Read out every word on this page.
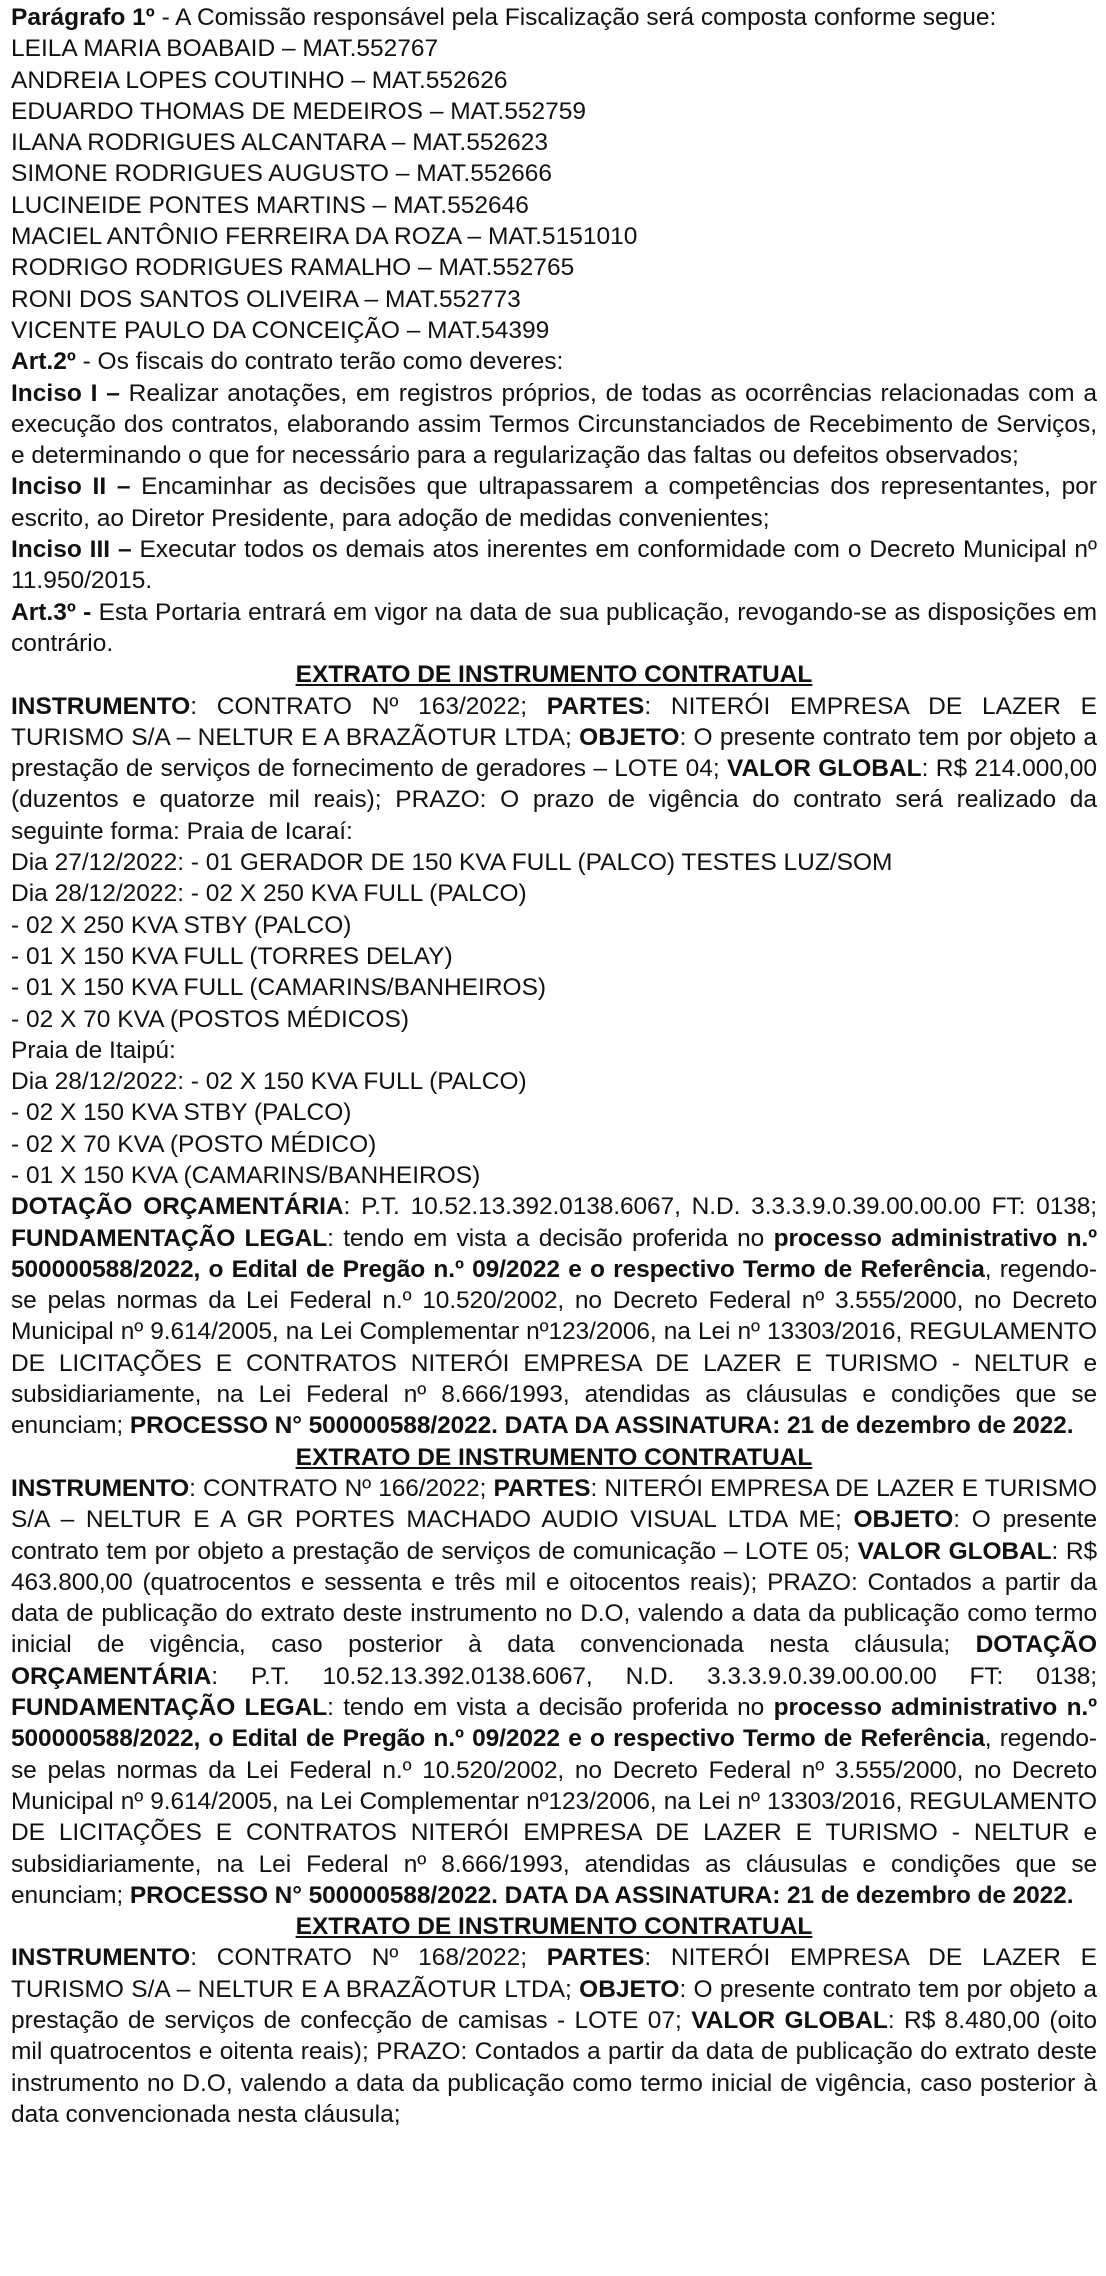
Parágrafo 1º - A Comissão responsável pela Fiscalização será composta conforme segue:

LEILA MARIA BOABAID – MAT.552767

ANDREIA LOPES COUTINHO – MAT.552626

EDUARDO THOMAS DE MEDEIROS – MAT.552759

ILANA RODRIGUES ALCANTARA – MAT.552623

SIMONE RODRIGUES AUGUSTO – MAT.552666

LUCINEIDE PONTES MARTINS – MAT.552646

MACIEL ANTÔNIO FERREIRA DA ROZA – MAT.5151010

RODRIGO RODRIGUES RAMALHO – MAT.552765

RONI DOS SANTOS OLIVEIRA – MAT.552773

VICENTE PAULO DA CONCEIÇÃO – MAT.54399

Art.2º - Os fiscais do contrato terão como deveres:

Inciso I – Realizar anotações, em registros próprios, de todas as ocorrências relacionadas com a execução dos contratos, elaborando assim Termos Circunstanciados de Recebimento de Serviços, e determinando o que for necessário para a regularização das faltas ou defeitos observados;

Inciso II – Encaminhar as decisões que ultrapassarem a competências dos representantes, por escrito, ao Diretor Presidente, para adoção de medidas convenientes;

Inciso III – Executar todos os demais atos inerentes em conformidade com o Decreto Municipal nº 11.950/2015.

Art.3º - Esta Portaria entrará em vigor na data de sua publicação, revogando-se as disposições em contrário.

EXTRATO DE INSTRUMENTO CONTRATUAL

INSTRUMENTO: CONTRATO Nº 163/2022; PARTES: NITERÓI EMPRESA DE LAZER E TURISMO S/A – NELTUR E A BRAZÃOTUR LTDA; OBJETO: O presente contrato tem por objeto a prestação de serviços de fornecimento de geradores – LOTE 04; VALOR GLOBAL: R$ 214.000,00 (duzentos e quatorze mil reais); PRAZO: O prazo de vigência do contrato será realizado da seguinte forma: Praia de Icaraí:

Dia 27/12/2022: - 01 GERADOR DE 150 KVA FULL (PALCO) TESTES LUZ/SOM

Dia 28/12/2022: - 02 X 250 KVA FULL (PALCO)

- 02 X 250 KVA STBY (PALCO)

- 01 X 150 KVA FULL (TORRES DELAY)

- 01 X 150 KVA FULL (CAMARINS/BANHEIROS)

- 02 X 70 KVA (POSTOS MÉDICOS)

Praia de Itaipú:

Dia 28/12/2022: - 02 X 150 KVA FULL (PALCO)

- 02 X 150 KVA STBY (PALCO)

- 02 X 70 KVA (POSTO MÉDICO)

- 01 X 150 KVA (CAMARINS/BANHEIROS)

DOTAÇÃO ORÇAMENTÁRIA: P.T. 10.52.13.392.0138.6067, N.D. 3.3.3.9.0.39.00.00.00 FT: 0138; FUNDAMENTAÇÃO LEGAL: tendo em vista a decisão proferida no processo administrativo n.º 500000588/2022, o Edital de Pregão n.º 09/2022 e o respectivo Termo de Referência, regendo-se pelas normas da Lei Federal n.º 10.520/2002, no Decreto Federal nº 3.555/2000, no Decreto Municipal nº 9.614/2005, na Lei Complementar nº123/2006, na Lei nº 13303/2016, REGULAMENTO DE LICITAÇÕES E CONTRATOS NITERÓI EMPRESA DE LAZER E TURISMO - NELTUR e subsidiariamente, na Lei Federal nº 8.666/1993, atendidas as cláusulas e condições que se enunciam; PROCESSO N° 500000588/2022. DATA DA ASSINATURA: 21 de dezembro de 2022.

EXTRATO DE INSTRUMENTO CONTRATUAL

INSTRUMENTO: CONTRATO Nº 166/2022; PARTES: NITERÓI EMPRESA DE LAZER E TURISMO S/A – NELTUR E A GR PORTES MACHADO AUDIO VISUAL LTDA ME; OBJETO: O presente contrato tem por objeto a prestação de serviços de comunicação – LOTE 05; VALOR GLOBAL: R$ 463.800,00 (quatrocentos e sessenta e três mil e oitocentos reais); PRAZO: Contados a partir da data de publicação do extrato deste instrumento no D.O, valendo a data da publicação como termo inicial de vigência, caso posterior à data convencionada nesta cláusula; DOTAÇÃO ORÇAMENTÁRIA: P.T. 10.52.13.392.0138.6067, N.D. 3.3.3.9.0.39.00.00.00 FT: 0138; FUNDAMENTAÇÃO LEGAL: tendo em vista a decisão proferida no processo administrativo n.º 500000588/2022, o Edital de Pregão n.º 09/2022 e o respectivo Termo de Referência, regendo-se pelas normas da Lei Federal n.º 10.520/2002, no Decreto Federal nº 3.555/2000, no Decreto Municipal nº 9.614/2005, na Lei Complementar nº123/2006, na Lei nº 13303/2016, REGULAMENTO DE LICITAÇÕES E CONTRATOS NITERÓI EMPRESA DE LAZER E TURISMO - NELTUR e subsidiariamente, na Lei Federal nº 8.666/1993, atendidas as cláusulas e condições que se enunciam; PROCESSO N° 500000588/2022. DATA DA ASSINATURA: 21 de dezembro de 2022.

EXTRATO DE INSTRUMENTO CONTRATUAL

INSTRUMENTO: CONTRATO Nº 168/2022; PARTES: NITERÓI EMPRESA DE LAZER E TURISMO S/A – NELTUR E A BRAZÃOTUR LTDA; OBJETO: O presente contrato tem por objeto a prestação de serviços de confecção de camisas - LOTE 07; VALOR GLOBAL: R$ 8.480,00 (oito mil quatrocentos e oitenta reais); PRAZO: Contados a partir da data de publicação do extrato deste instrumento no D.O, valendo a data da publicação como termo inicial de vigência, caso posterior à data convencionada nesta cláusula;
